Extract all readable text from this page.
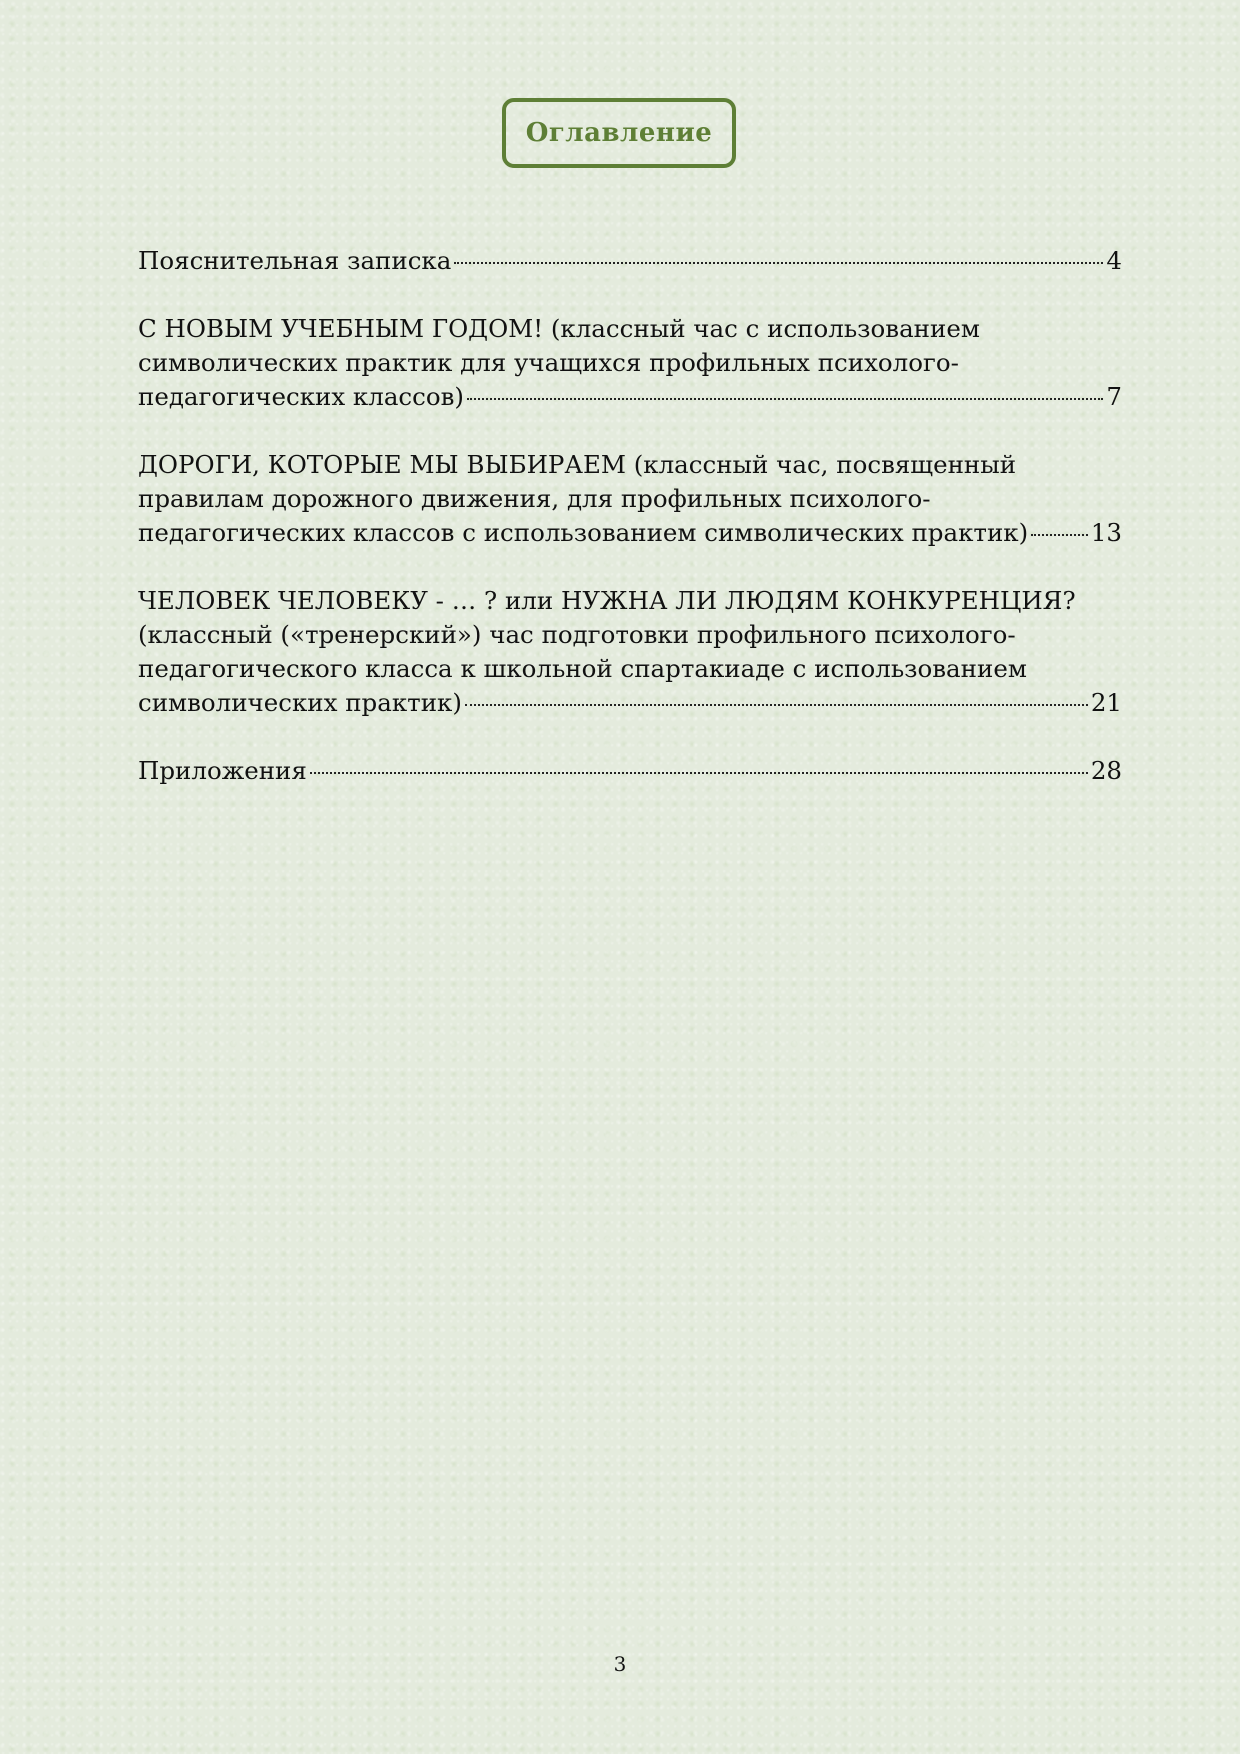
Оглавление
Пояснительная записка	4
С НОВЫМ УЧЕБНЫМ ГОДОМ! (классный час с использованием
символических практик для учащихся профильных психолого-
педагогических классов)	7
ДОРОГИ, КОТОРЫЕ МЫ ВЫБИРАЕМ (классный час, посвященный
правилам дорожного движения, для профильных психолого-
педагогических классов с использованием символических практик)	13
ЧЕЛОВЕК ЧЕЛОВЕКУ - … ? или НУЖНА ЛИ ЛЮДЯМ КОНКУРЕНЦИЯ?
(классный («тренерский») час подготовки профильного психолого-
педагогического класса к школьной спартакиаде с использованием
символических практик)	21
Приложения	28
3
